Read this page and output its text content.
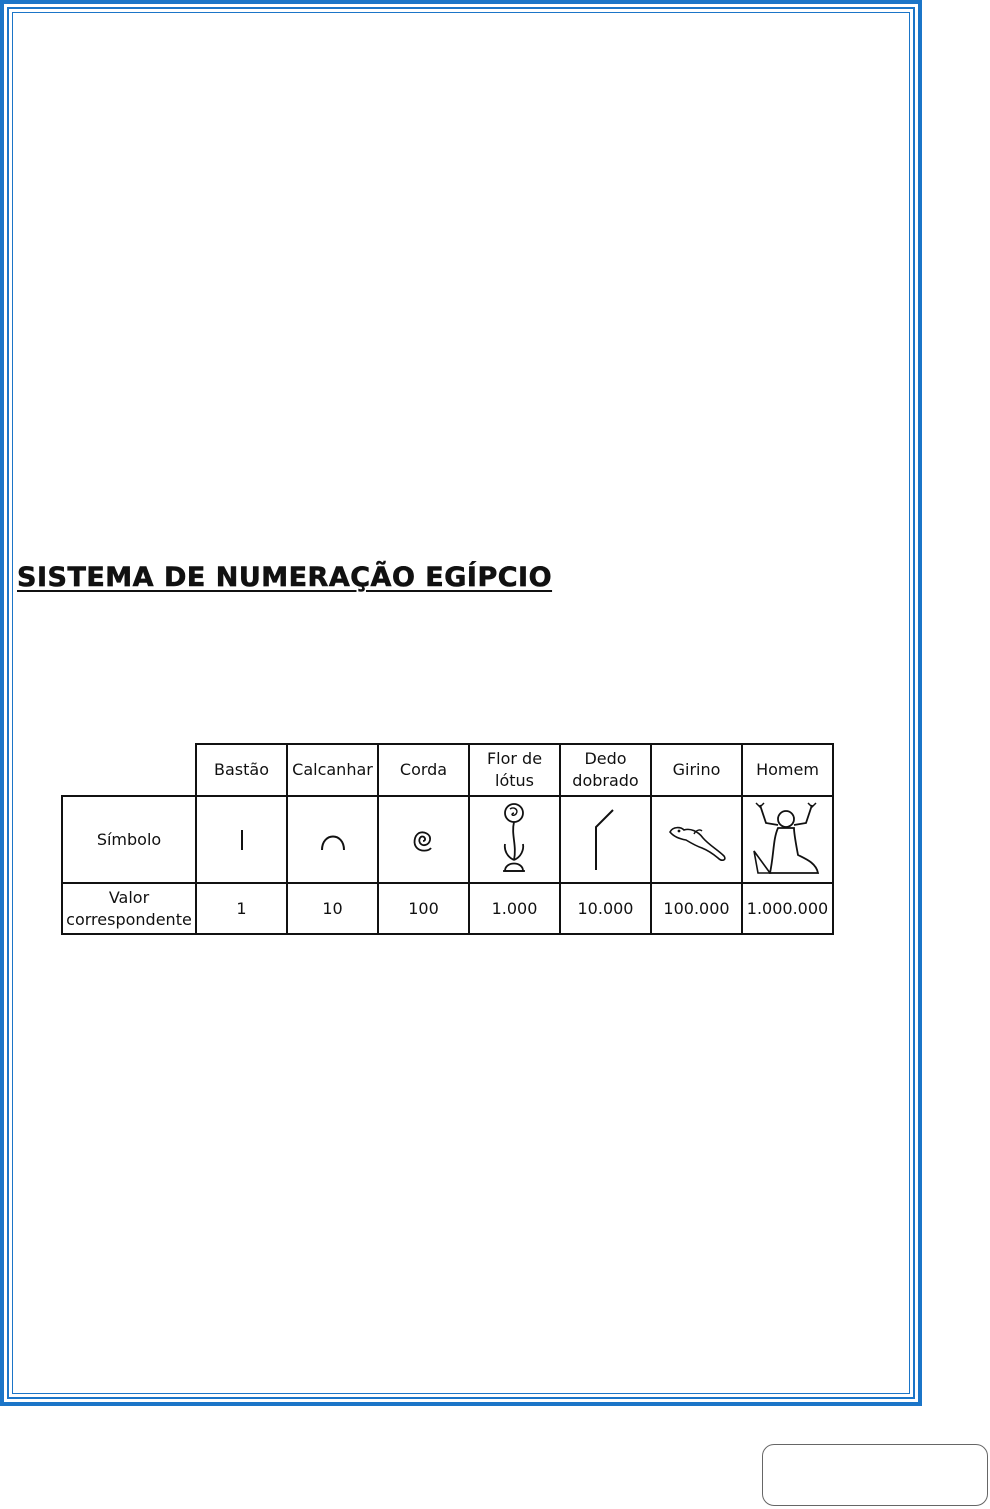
SISTEMA DE NUMERAÇÃO EGÍPCIO
	Bastão	Calcanhar	Corda	Flor de lótus	Dedo dobrado	Girino	Homem
Símbolo	

Valor correspondente	1	10	100	1.000	10.000	100.000	1.000.000
